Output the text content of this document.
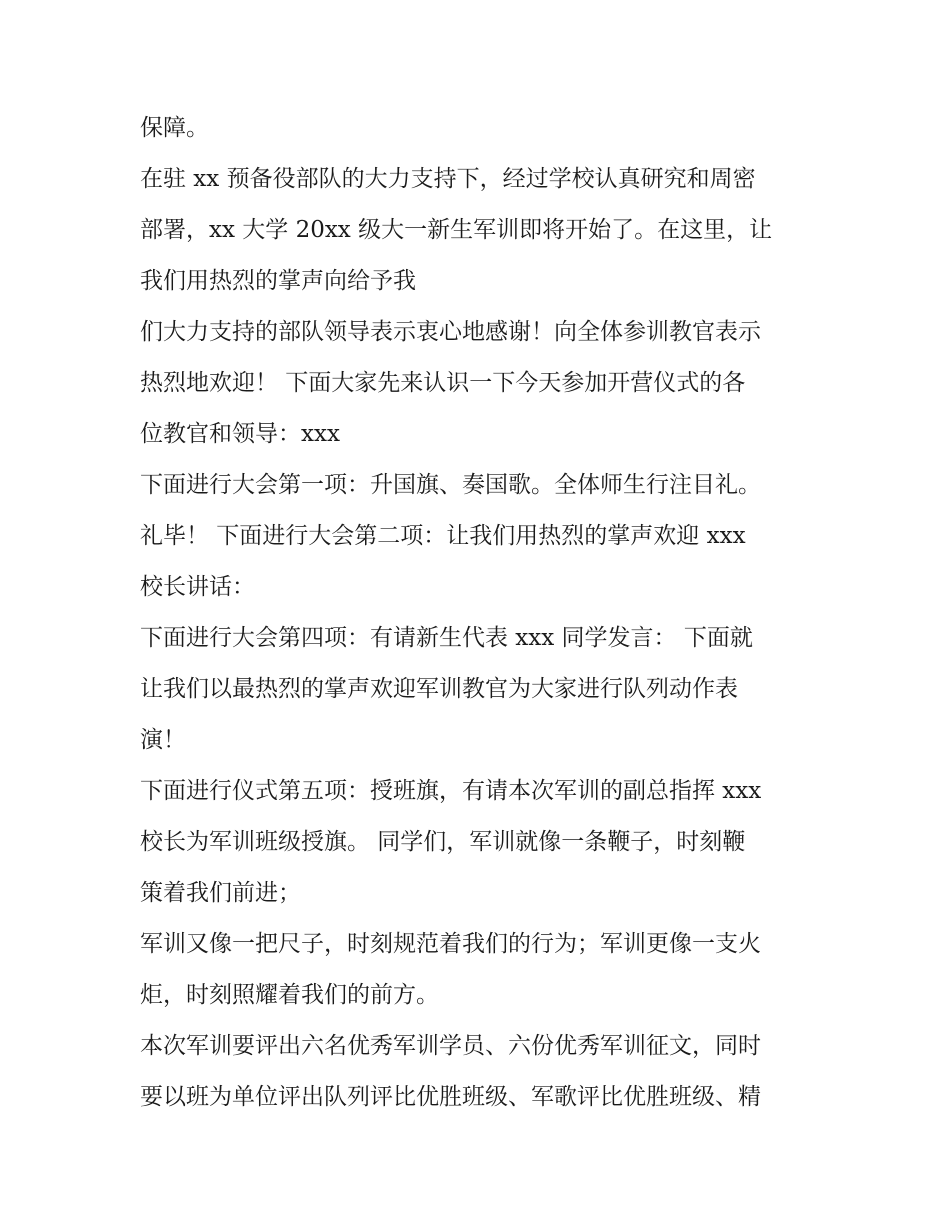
保障。
在驻 xx 预备役部队的大力支持下，经过学校认真研究和周密
部署，xx 大学 20xx 级大一新生军训即将开始了。在这里，让
我们用热烈的掌声向给予我
们大力支持的部队领导表示衷心地感谢！向全体参训教官表示
热烈地欢迎！ 下面大家先来认识一下今天参加开营仪式的各
位教官和领导：xxx
下面进行大会第一项：升国旗、奏国歌。全体师生行注目礼。
礼毕！ 下面进行大会第二项：让我们用热烈的掌声欢迎 xxx
校长讲话：
下面进行大会第四项：有请新生代表 xxx 同学发言： 下面就
让我们以最热烈的掌声欢迎军训教官为大家进行队列动作表
演！
下面进行仪式第五项：授班旗，有请本次军训的副总指挥 xxx
校长为军训班级授旗。 同学们，军训就像一条鞭子，时刻鞭
策着我们前进；
军训又像一把尺子，时刻规范着我们的行为；军训更像一支火
炬，时刻照耀着我们的前方。
本次军训要评出六名优秀军训学员、六份优秀军训征文，同时
要以班为单位评出队列评比优胜班级、军歌评比优胜班级、精
